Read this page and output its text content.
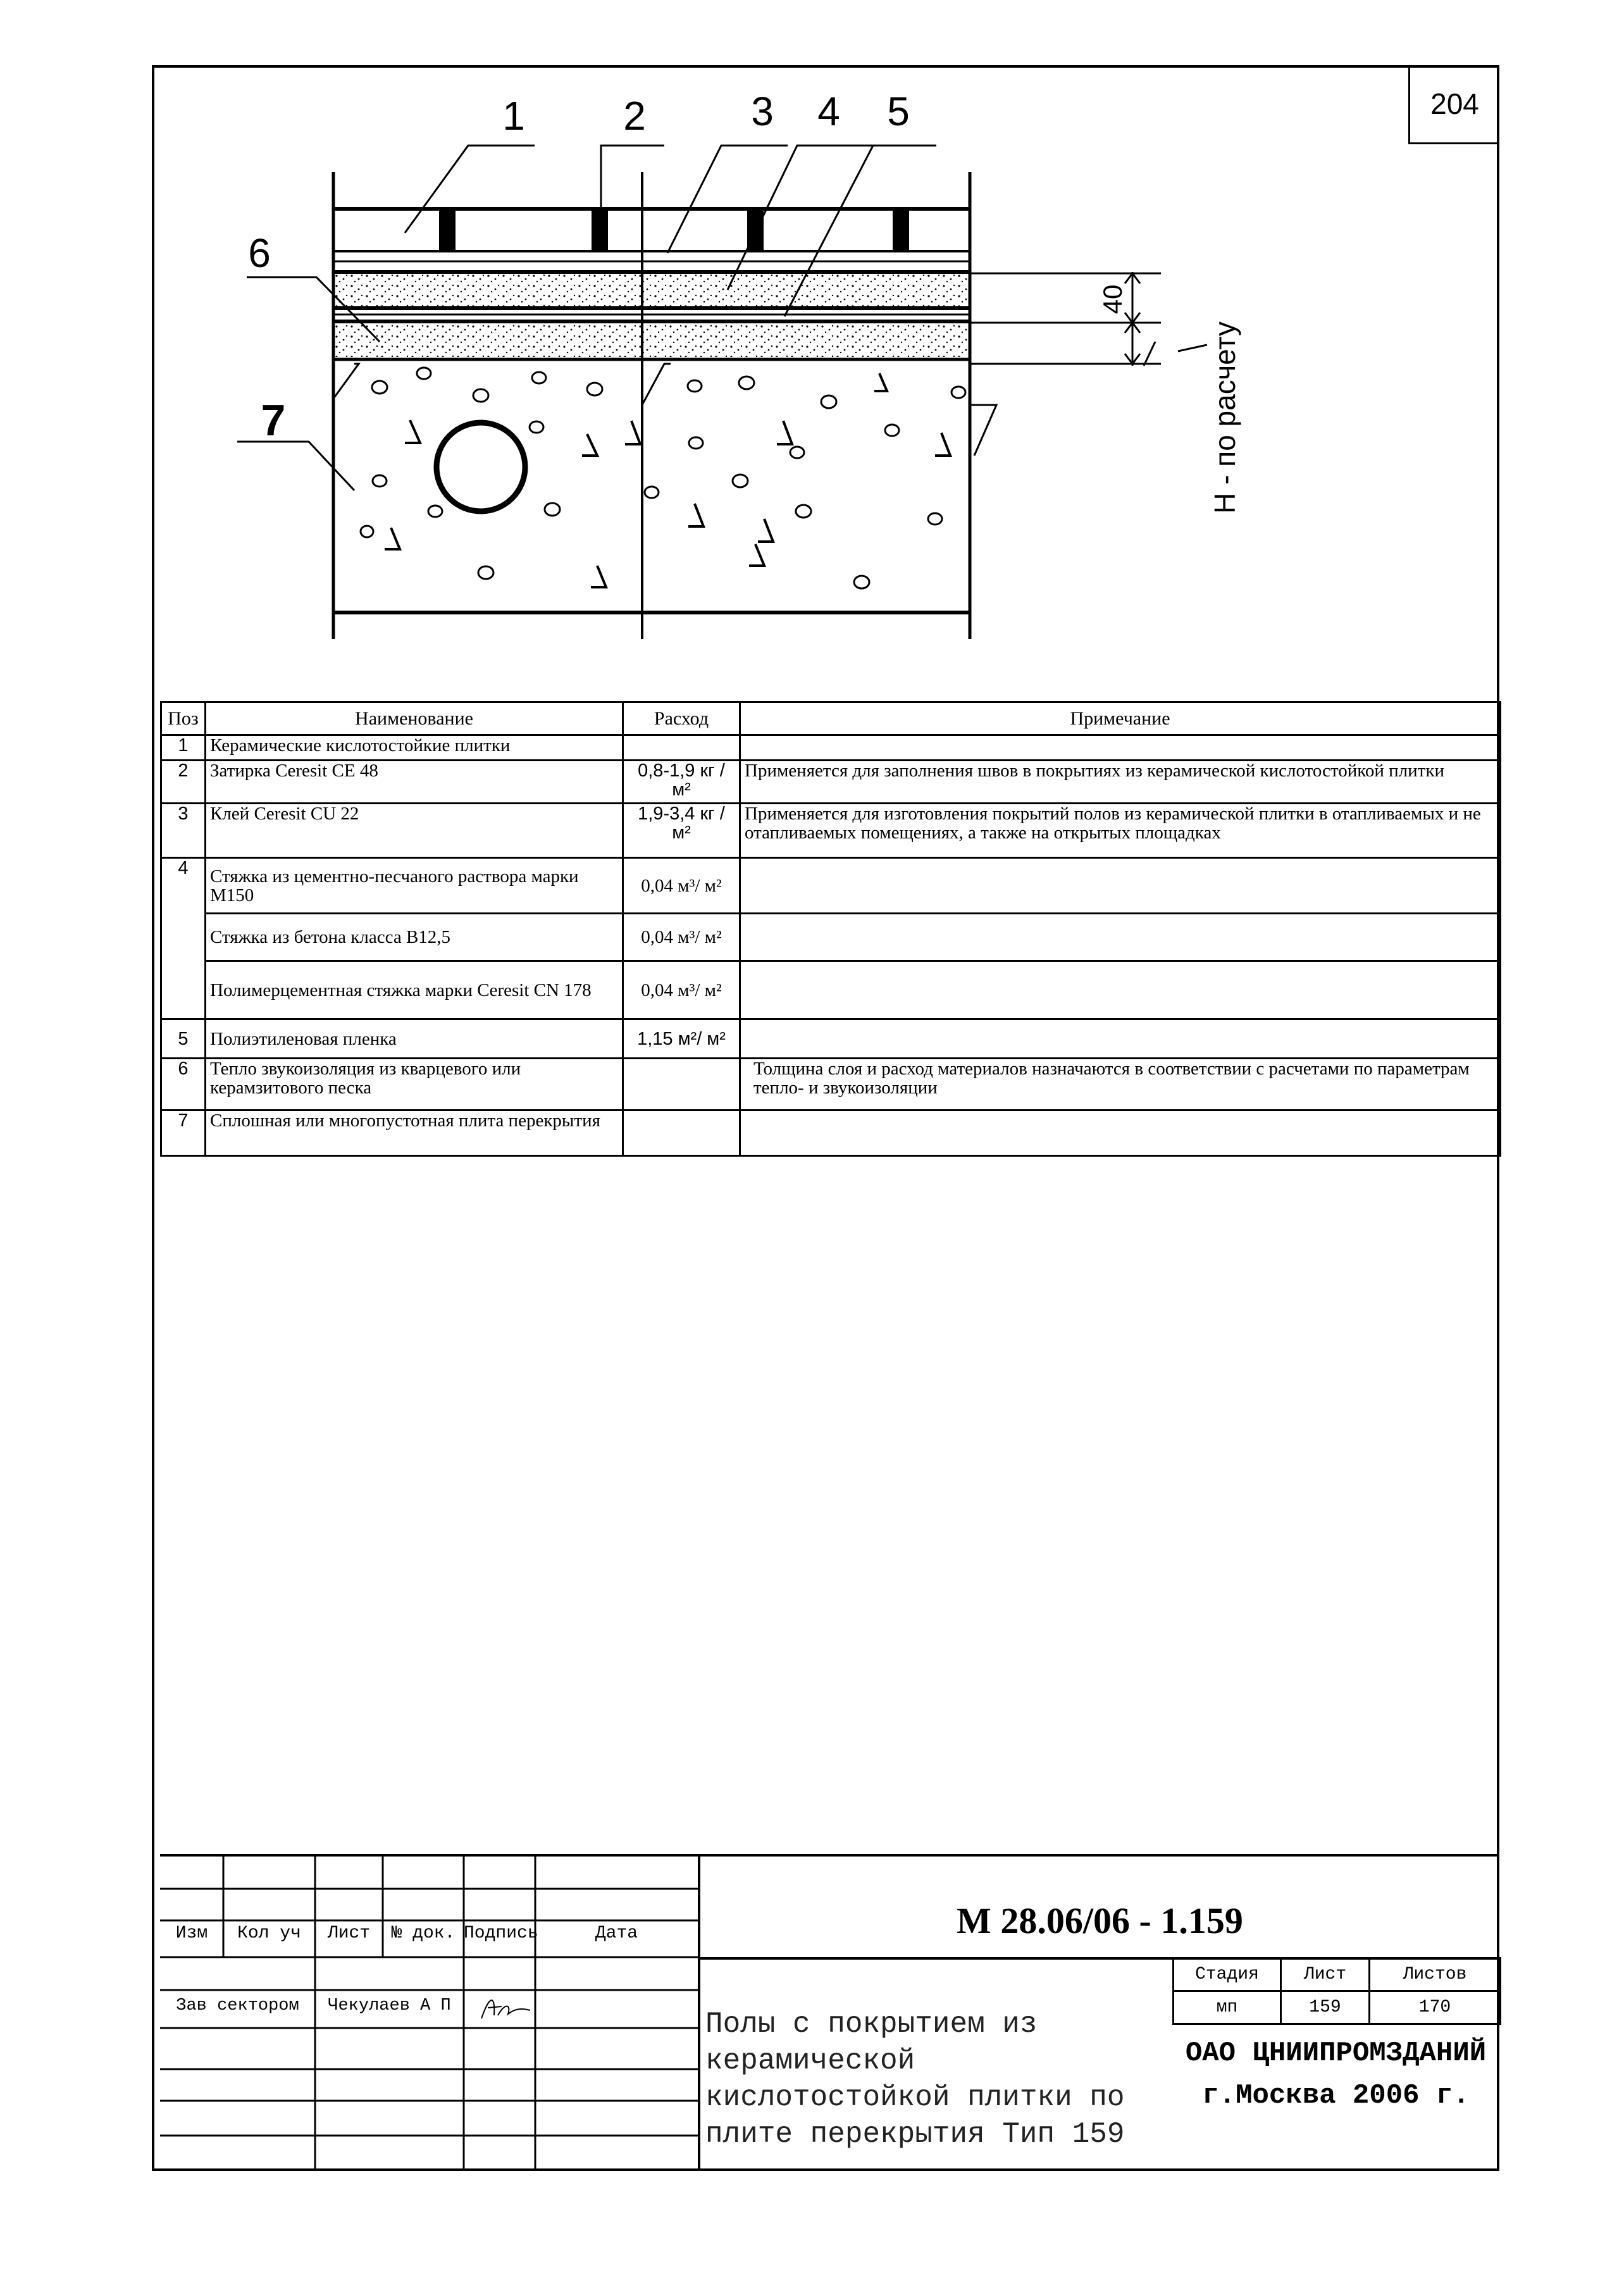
204
1 2	3 4 5
6
7
40
Н - по расчету
Поз	Наименование	Расход	Примечание
1	Керамические кислотостойкие плитки		
2	Затирка Ceresit CE 48	0,8-1,9 кг / м²	Применяется для заполнения швов в покрытиях из керамической кислотостойкой плитки
3	Клей Ceresit CU 22	1,9-3,4 кг / м²	Применяется для изготовления покрытий полов из керамической плитки в отапливаемых и не отапливаемых помещениях, а также на открытых площадках
4	Стяжка из цементно-песчаного раствора марки М150	0,04 м³/ м²	
	Стяжка из бетона класса В12,5	0,04 м³/ м²	
	Полимерцементная стяжка марки Ceresit CN 178	0,04 м³/ м²	
5	Полиэтиленовая пленка	1,15 м²/ м²	
6	Тепло звукоизоляция из кварцевого или керамзитового песка		Толщина слоя и расход материалов назначаются в соответствии с расчетами по параметрам тепло- и звукоизоляции
7	Сплошная или многопустотная плита перекрытия		
Изм	Кол уч	Лист	№ док. Подпись	Дата
Зав сектором	Чекулаев А П
М 28.06/06 - 1.159
Полы с покрытием из керамической кислотостойкой плитки по плите перекрытия Тип 159
Стадия	Лист	Листов
мп	159	170
ОАО ЦНИИПРОМЗДАНИЙ
г.Москва 2006 г.
